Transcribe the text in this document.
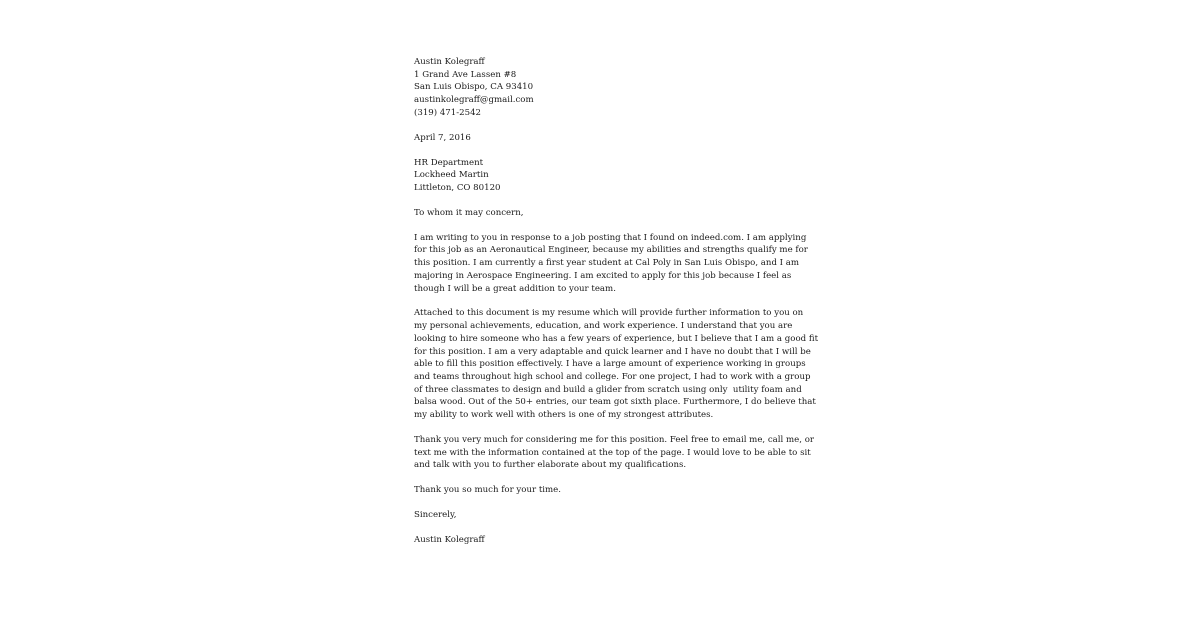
Austin Kolegraff
1 Grand Ave Lassen #8
San Luis Obispo, CA 93410
austinkolegraff@gmail.com
(319) 471-2542
April 7, 2016
HR Department
Lockheed Martin
Littleton, CO 80120
To whom it may concern,

I am writing to you in response to a job posting that I found on indeed.com. I am applying
for this job as an Aeronautical Engineer, because my abilities and strengths qualify me for
this position. I am currently a first year student at Cal Poly in San Luis Obispo, and I am
majoring in Aerospace Engineering. I am excited to apply for this job because I feel as
though I will be a great addition to your team.

Attached to this document is my resume which will provide further information to you on
my personal achievements, education, and work experience. I understand that you are
looking to hire someone who has a few years of experience, but I believe that I am a good fit
for this position. I am a very adaptable and quick learner and I have no doubt that I will be
able to fill this position effectively. I have a large amount of experience working in groups
and teams throughout high school and college. For one project, I had to work with a group
of three classmates to design and build a glider from scratch using only  utility foam and
balsa wood. Out of the 50+ entries, our team got sixth place. Furthermore, I do believe that
my ability to work well with others is one of my strongest attributes.

Thank you very much for considering me for this position. Feel free to email me, call me, or
text me with the information contained at the top of the page. I would love to be able to sit
and talk with you to further elaborate about my qualifications.

Thank you so much for your time.

Sincerely,
Austin Kolegraff
